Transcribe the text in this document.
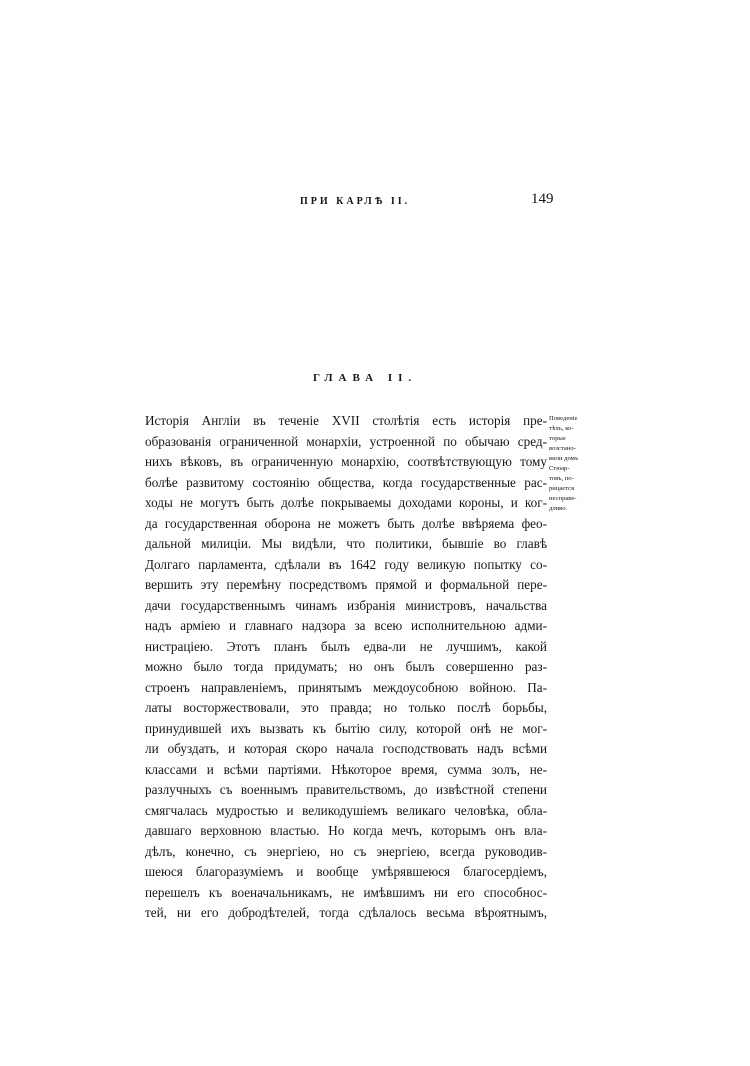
ПРИ КАРЛѢ II.	149
ГЛАВА II.
Исторія Англіи въ теченіе XVII столѣтія есть исторія пре-
образованія ограниченной монархіи, устроенной по обычаю сред-
нихъ вѣковъ, въ ограниченную монархію, соотвѣтствующую тому
болѣе развитому состоянію общества, когда государственные рас-
ходы не могутъ быть долѣе покрываемы доходами короны, и ког-
да государственная оборона не можетъ быть долѣе ввѣряема феo-
дальной милиціи. Мы видѣли, что политики, бывшіе во главѣ
Долгаго парламента, сдѣлали въ 1642 году великую попытку со-
вершить эту перемѣну посредствомъ прямой и формальной пере-
дачи государственнымъ чинамъ избранія министровъ, начальства
надъ арміею и главнаго надзора за всею исполнительною адми-
нистраціею. Этотъ планъ былъ едва-ли не лучшимъ, какой
можно было тогда придумать; но онъ былъ совершенно раз-
строенъ направленіемъ, принятымъ междоусобною войною. Па-
латы восторжествовали, это правда; но только послѣ борьбы,
принудившей ихъ вызвать къ бытію силу, которой онѣ не мог-
ли обуздать, и которая скоро начала господствовать надъ всѣми
классами и всѣми партіями. Нѣкоторое время, сумма золъ, не-
разлучныхъ съ военнымъ правительствомъ, до извѣстной степени
смягчалась мудростью и великодушіемъ великаго человѣка, обла-
давшаго верховною властью. Но когда мечъ, которымъ онъ вла-
дѣлъ, конечно, съ энергіею, но съ энергіею, всегда руководив-
шеюся благоразуміемъ и вообще умѣрявшеюся благосердіемъ,
перешелъ къ военачальникамъ, не имѣвшимъ ни его способнос-
тей, ни его добродѣтелей, тогда сдѣлалось весьма вѣроятнымъ,
Поведеніе
тѣхъ, ко-
торые
возстано-
вили домъ
Стюар-
товъ, по-
рицается
несправе-
дливо.
